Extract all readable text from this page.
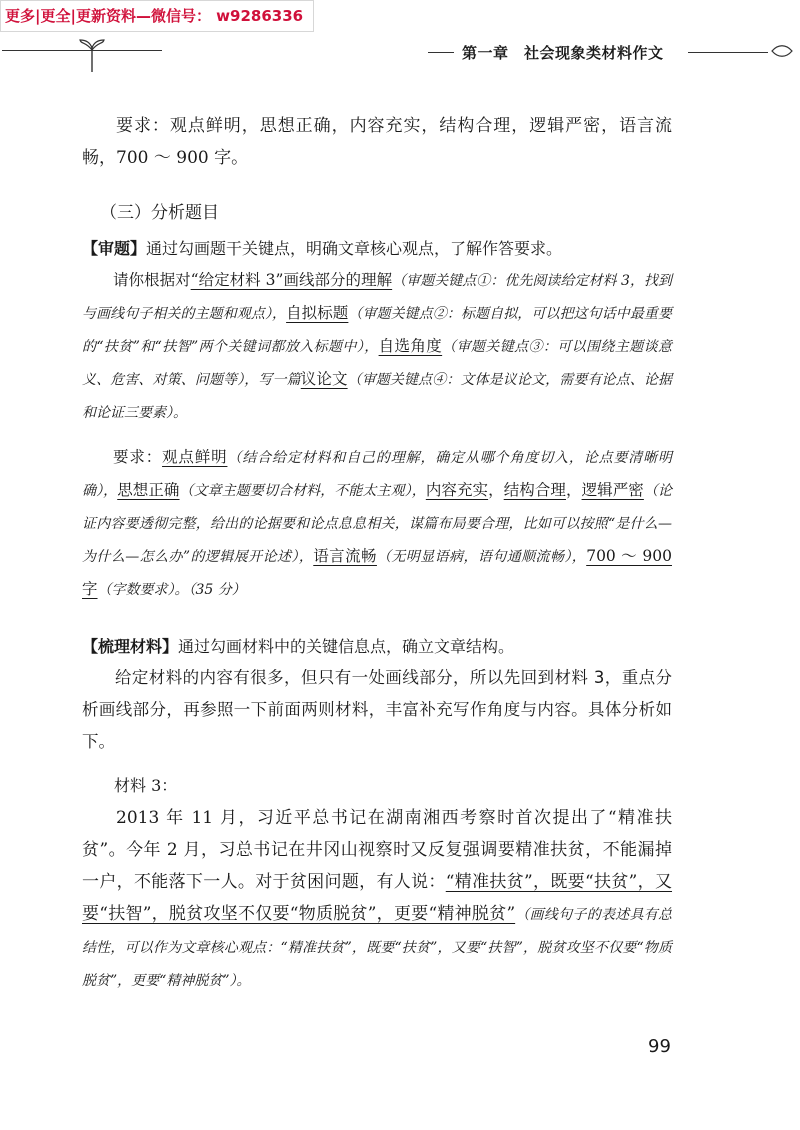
更多|更全|更新资料—微信号： w9286336
第一章　社会现象类材料作文

要求：观点鲜明，思想正确，内容充实，结构合理，逻辑严密，语言流畅，700 ～ 900 字。

（三）分析题目

【审题】通过勾画题干关键点，明确文章核心观点，了解作答要求。

请你根据对“给定材料 3”画线部分的理解（审题关键点①：优先阅读给定材料 3，找到与画线句子相关的主题和观点），自拟标题（审题关键点②：标题自拟，可以把这句话中最重要的“扶贫”和“扶智”两个关键词都放入标题中），自选角度（审题关键点③：可以围绕主题谈意义、危害、对策、问题等），写一篇议论文（审题关键点④：文体是议论文，需要有论点、论据和论证三要素）。

要求：观点鲜明（结合给定材料和自己的理解，确定从哪个角度切入，论点要清晰明确），思想正确（文章主题要切合材料，不能太主观），内容充实，结构合理，逻辑严密（论证内容要透彻完整，给出的论据要和论点息息相关，谋篇布局要合理，比如可以按照“是什么—为什么—怎么办”的逻辑展开论述），语言流畅（无明显语病，语句通顺流畅），700 ～ 900 字（字数要求）。（35 分）

【梳理材料】通过勾画材料中的关键信息点，确立文章结构。

给定材料的内容有很多，但只有一处画线部分，所以先回到材料 3，重点分析画线部分，再参照一下前面两则材料，丰富补充写作角度与内容。具体分析如下。

材料 3：

2013 年 11 月，习近平总书记在湖南湘西考察时首次提出了“精准扶贫”。今年 2 月，习总书记在井冈山视察时又反复强调要精准扶贫，不能漏掉一户，不能落下一人。对于贫困问题，有人说：“精准扶贫”，既要“扶贫”，又要“扶智”，脱贫攻坚不仅要“物质脱贫”，更要“精神脱贫”（画线句子的表述具有总结性，可以作为文章核心观点：“精准扶贫”，既要“扶贫”，又要“扶智”，脱贫攻坚不仅要“物质脱贫”，更要“精神脱贫”）。

99
